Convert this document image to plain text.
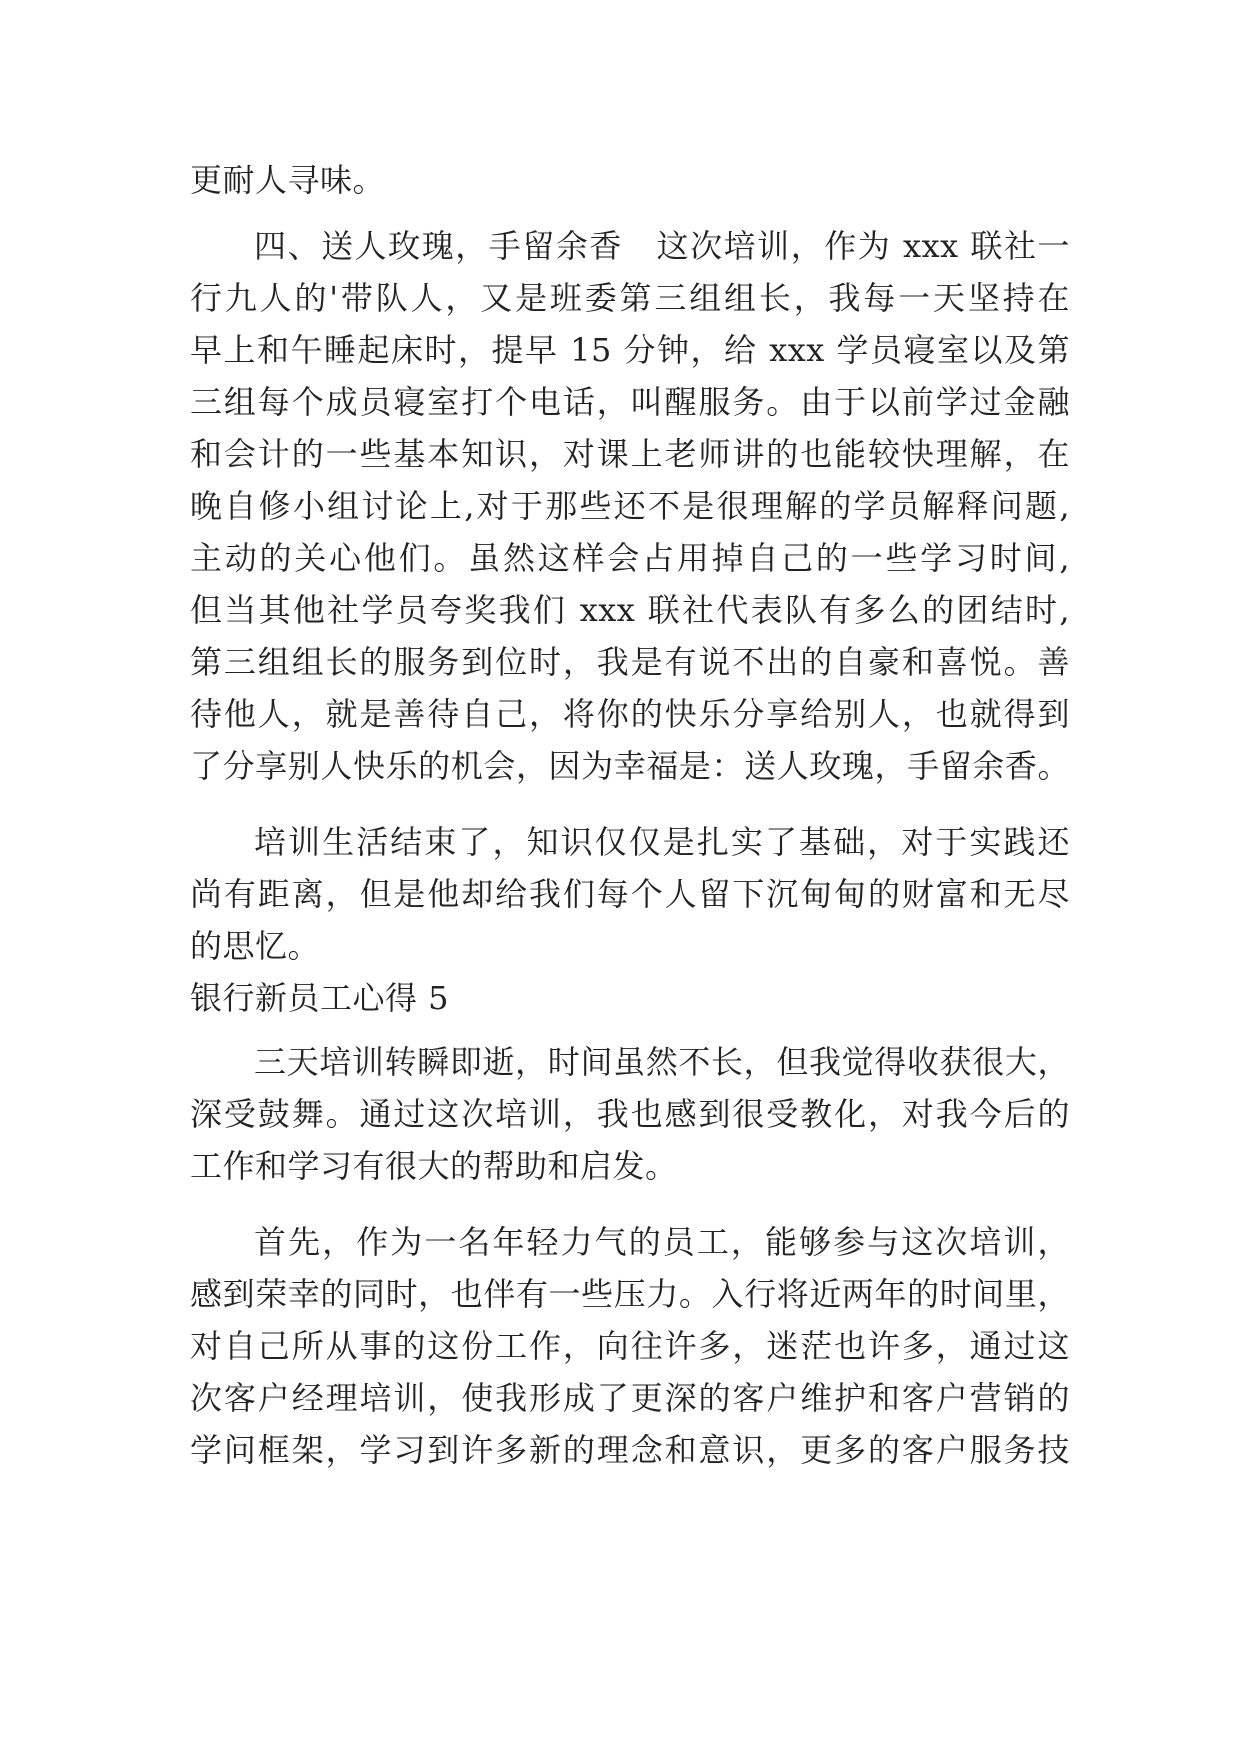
更耐人寻味。
四、送人玫瑰，手留余香　这次培训，作为 xxx 联社一
行九人的'带队人，又是班委第三组组长，我每一天坚持在
早上和午睡起床时，提早 15 分钟，给 xxx 学员寝室以及第
三组每个成员寝室打个电话，叫醒服务。由于以前学过金融
和会计的一些基本知识，对课上老师讲的也能较快理解，在
晚自修小组讨论上,对于那些还不是很理解的学员解释问题,
主动的关心他们。虽然这样会占用掉自己的一些学习时间,
但当其他社学员夸奖我们 xxx 联社代表队有多么的团结时,
第三组组长的服务到位时，我是有说不出的自豪和喜悦。善
待他人，就是善待自己，将你的快乐分享给别人，也就得到
了分享别人快乐的机会，因为幸福是：送人玫瑰，手留余香。
培训生活结束了，知识仅仅是扎实了基础，对于实践还
尚有距离，但是他却给我们每个人留下沉甸甸的财富和无尽
的思忆。
银行新员工心得 5
三天培训转瞬即逝，时间虽然不长，但我觉得收获很大，
深受鼓舞。通过这次培训，我也感到很受教化，对我今后的
工作和学习有很大的帮助和启发。
首先，作为一名年轻力气的员工，能够参与这次培训，
感到荣幸的同时，也伴有一些压力。入行将近两年的时间里，
对自己所从事的这份工作，向往许多，迷茫也许多，通过这
次客户经理培训，使我形成了更深的客户维护和客户营销的
学问框架，学习到许多新的理念和意识，更多的客户服务技
